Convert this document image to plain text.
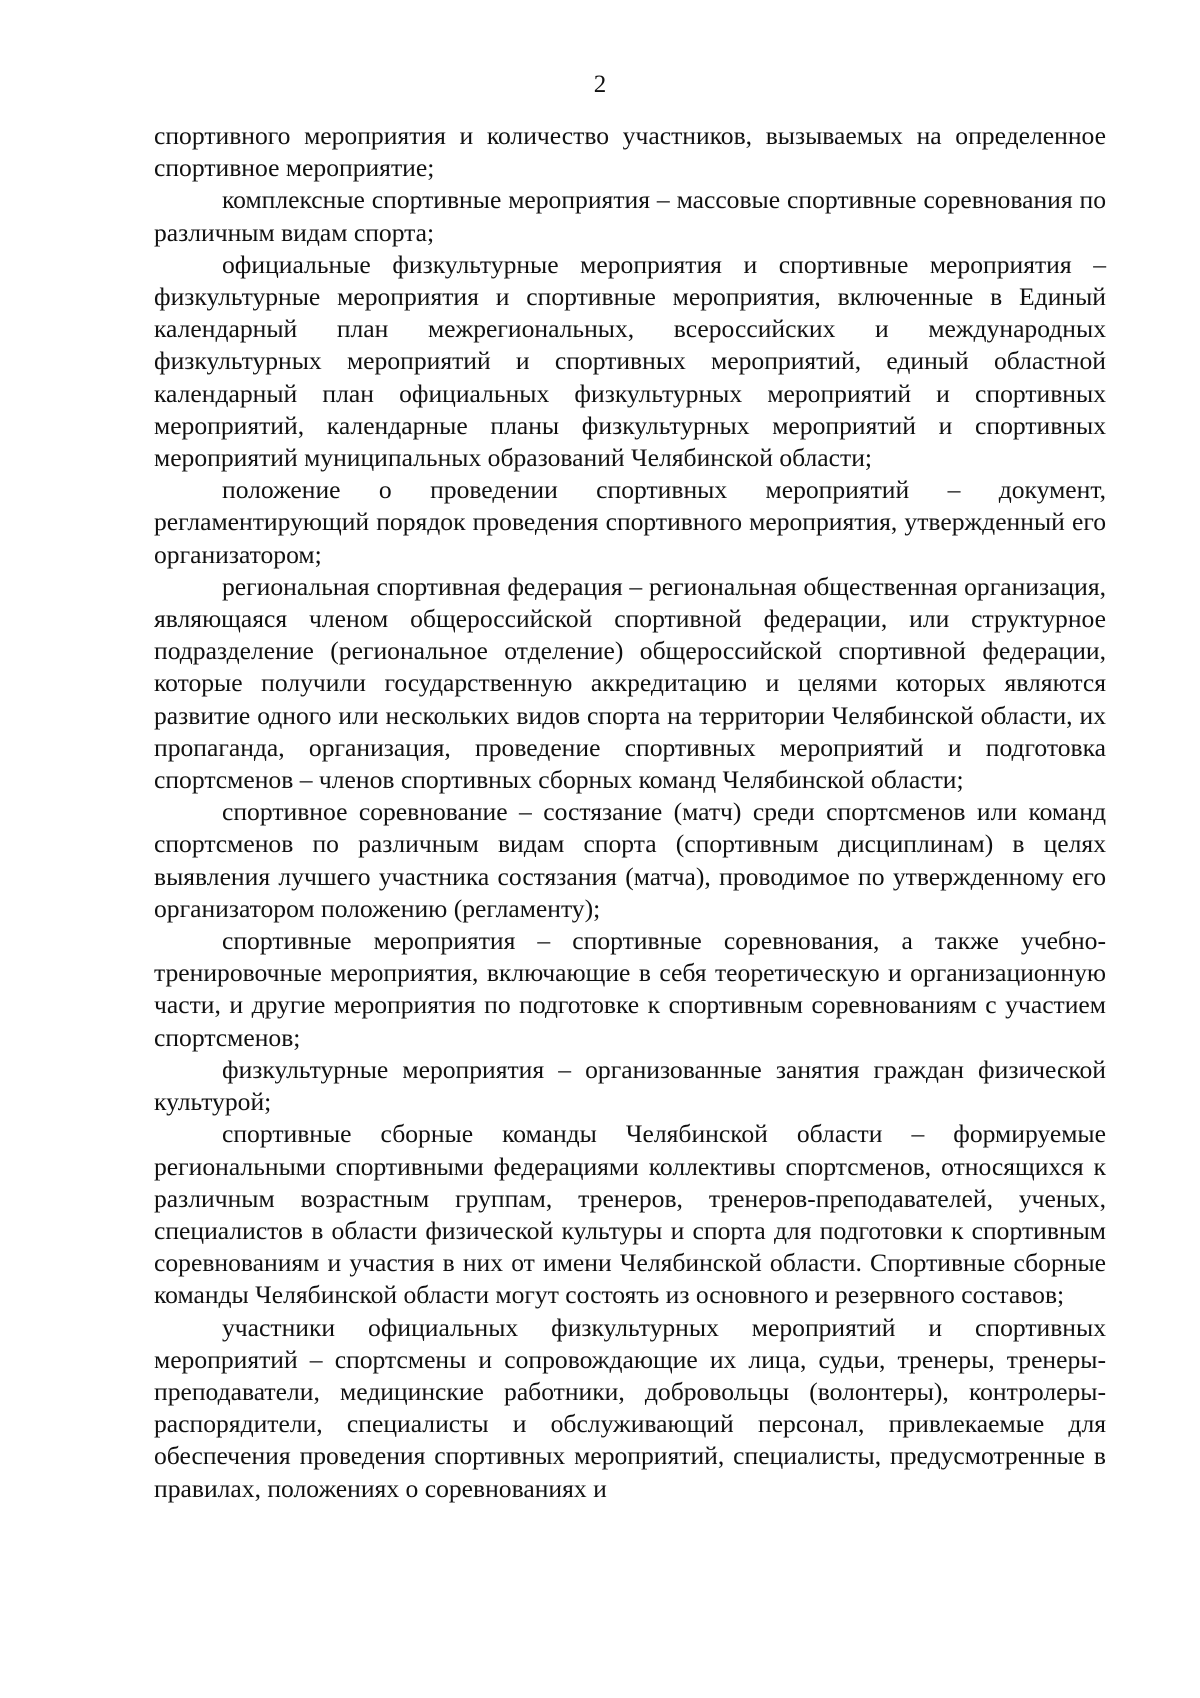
2

спортивного мероприятия и количество участников, вызываемых на определенное спортивное мероприятие;

комплексные спортивные мероприятия – массовые спортивные соревнования по различным видам спорта;

официальные физкультурные мероприятия и спортивные мероприятия – физкультурные мероприятия и спортивные мероприятия, включенные в Единый календарный план межрегиональных, всероссийских и международных физкультурных мероприятий и спортивных мероприятий, единый областной календарный план официальных физкультурных мероприятий и спортивных мероприятий, календарные планы физкультурных мероприятий и спортивных мероприятий муниципальных образований Челябинской области;

положение о проведении спортивных мероприятий – документ, регламентирующий порядок проведения спортивного мероприятия, утвержденный его организатором;

региональная спортивная федерация – региональная общественная организация, являющаяся членом общероссийской спортивной федерации, или структурное подразделение (региональное отделение) общероссийской спортивной федерации, которые получили государственную аккредитацию и целями которых являются развитие одного или нескольких видов спорта на территории Челябинской области, их пропаганда, организация, проведение спортивных мероприятий и подготовка спортсменов – членов спортивных сборных команд Челябинской области;

спортивное соревнование – состязание (матч) среди спортсменов или команд спортсменов по различным видам спорта (спортивным дисциплинам) в целях выявления лучшего участника состязания (матча), проводимое по утвержденному его организатором положению (регламенту);

спортивные мероприятия – спортивные соревнования, а также учебно-тренировочные мероприятия, включающие в себя теоретическую и организационную части, и другие мероприятия по подготовке к спортивным соревнованиям с участием спортсменов;

физкультурные мероприятия – организованные занятия граждан физической культурой;

спортивные сборные команды Челябинской области – формируемые региональными спортивными федерациями коллективы спортсменов, относящихся к различным возрастным группам, тренеров, тренеров-преподавателей, ученых, специалистов в области физической культуры и спорта для подготовки к спортивным соревнованиям и участия в них от имени Челябинской области. Спортивные сборные команды Челябинской области могут состоять из основного и резервного составов;

участники официальных физкультурных мероприятий и спортивных мероприятий – спортсмены и сопровождающие их лица, судьи, тренеры, тренеры-преподаватели, медицинские работники, добровольцы (волонтеры), контролеры-распорядители, специалисты и обслуживающий персонал, привлекаемые для обеспечения проведения спортивных мероприятий, специалисты, предусмотренные в правилах, положениях о соревнованиях и
